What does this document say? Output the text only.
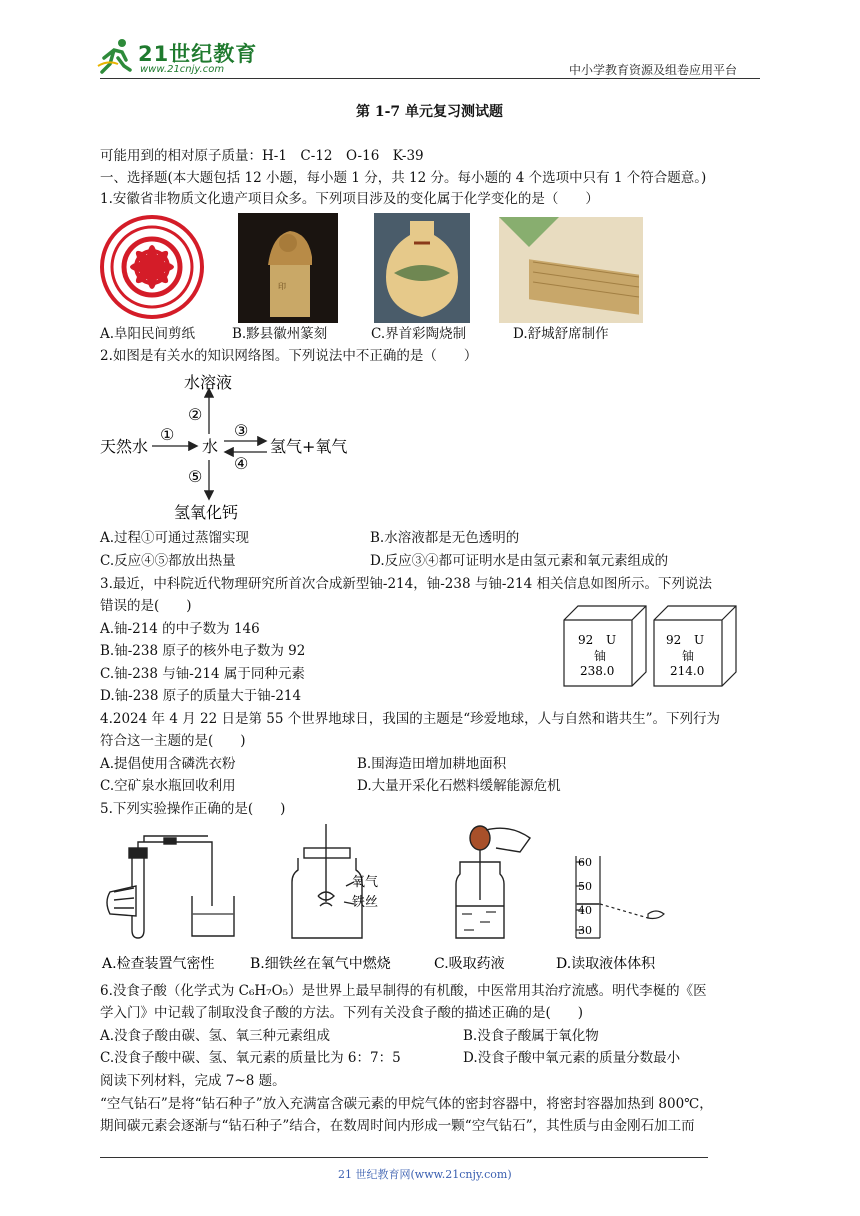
21世纪教育
www.21cnjy.com	中小学教育资源及组卷应用平台
第 1-7 单元复习测试题
可能用到的相对原子质量：H-1　C-12　O-16　K-39
一、选择题(本大题包括 12 小题，每小题 1 分，共 12 分。每小题的 4 个选项中只有 1 个符合题意。)
1.安徽省非物质文化遗产项目众多。下列项目涉及的变化属于化学变化的是（　　）
印
A.阜阳民间剪纸	B.黟县徽州篆刻	C.界首彩陶烧制	D.舒城舒席制作
2.如图是有关水的知识网络图。下列说法中不正确的是（　　）
水溶液
天然水	水	氢气+氧气
氢氧化钙
①
②
③
④
⑤
A.过程①可通过蒸馏实现	B.水溶液都是无色透明的
C.反应④⑤都放出热量	D.反应③④都可证明水是由氢元素和氧元素组成的
3.最近，中科院近代物理研究所首次合成新型铀-214，铀-238 与铀-214 相关信息如图所示。下列说法
错误的是(　　)
A.铀-214 的中子数为 146
B.铀-238 原子的核外电子数为 92
C.铀-238 与铀-214 属于同种元素
D.铀-238 原子的质量大于铀-214
92 U
铀
238.0
92 U
铀
214.0
4.2024 年 4 月 22 日是第 55 个世界地球日，我国的主题是“珍爱地球，人与自然和谐共生”。下列行为
符合这一主题的是(　　)
A.提倡使用含磷洗衣粉	B.围海造田增加耕地面积
C.空矿泉水瓶回收利用	D.大量开采化石燃料缓解能源危机
5.下列实验操作正确的是(　　)
氧气
铁丝
60
50
40
30
A.检查装置气密性	B.细铁丝在氧气中燃烧	C.吸取药液	D.读取液体体积
6.没食子酸（化学式为 C₆H₇O₅）是世界上最早制得的有机酸，中医常用其治疗流感。明代李梴的《医
学入门》中记载了制取没食子酸的方法。下列有关没食子酸的描述正确的是(　　)
A.没食子酸由碳、氢、氧三种元素组成	B.没食子酸属于氧化物
C.没食子酸中碳、氢、氧元素的质量比为 6：7：5	D.没食子酸中氧元素的质量分数最小
阅读下列材料，完成 7~8 题。
“空气钻石”是将“钻石种子”放入充满富含碳元素的甲烷气体的密封容器中，将密封容器加热到 800℃，
期间碳元素会逐渐与“钻石种子”结合，在数周时间内形成一颗“空气钻石”，其性质与由金刚石加工而
21 世纪教育网(www.21cnjy.com)
